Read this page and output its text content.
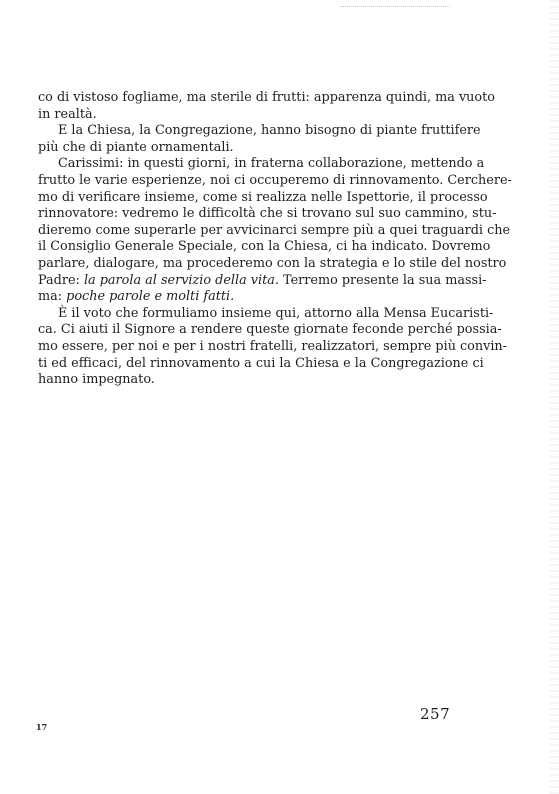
co di vistoso fogliame, ma sterile di frutti: apparenza quindi, ma vuoto
in realtà.

E la Chiesa, la Congregazione, hanno bisogno di piante fruttifere
più che di piante ornamentali.

Carissimi: in questi giorni, in fraterna collaborazione, mettendo a
frutto le varie esperienze, noi ci occuperemo di rinnovamento. Cerchere-
mo di verificare insieme, come si realizza nelle Ispettorie, il processo
rinnovatore: vedremo le difficoltà che si trovano sul suo cammino, stu-
dieremo come superarle per avvicinarci sempre più a quei traguardi che
il Consiglio Generale Speciale, con la Chiesa, ci ha indicato. Dovremo
parlare, dialogare, ma procederemo con la strategia e lo stile del nostro
Padre: la parola al servizio della vita. Terremo presente la sua massi-
ma: poche parole e molti fatti.

È il voto che formuliamo insieme qui, attorno alla Mensa Eucaristi-
ca. Ci aiuti il Signore a rendere queste giornate feconde perché possia-
mo essere, per noi e per i nostri fratelli, realizzatori, sempre più convin-
ti ed efficaci, del rinnovamento a cui la Chiesa e la Congregazione ci
hanno impegnato.

257
17
